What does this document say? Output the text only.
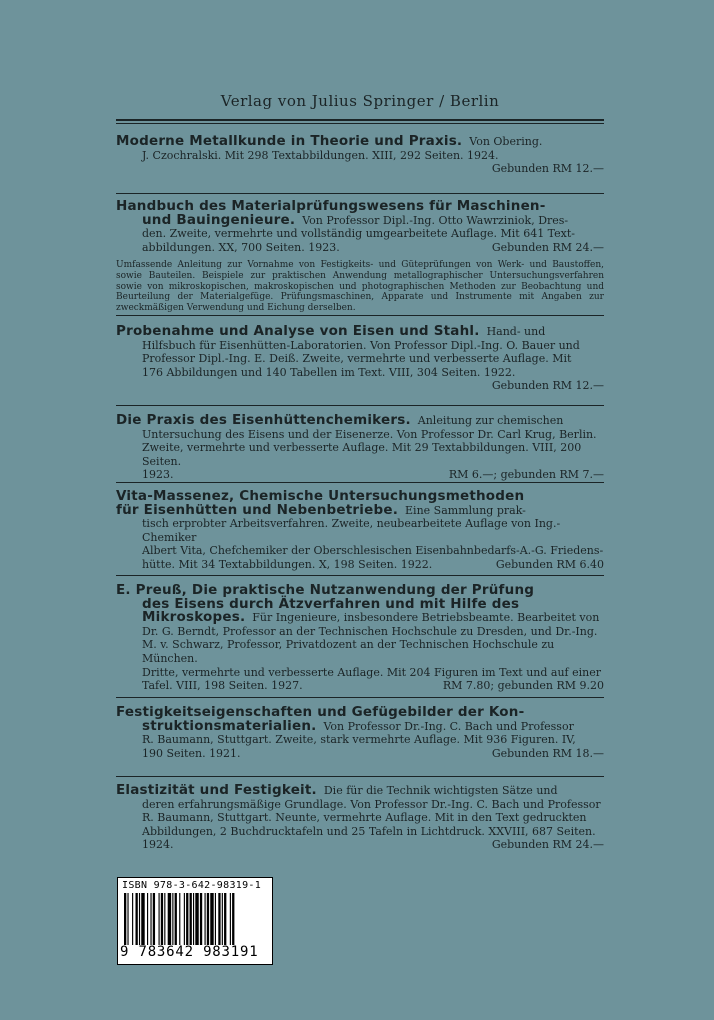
Verlag von Julius Springer / Berlin

Moderne Metallkunde in Theorie und Praxis. Von Obering.

J. Czochralski. Mit 298 Textabbildungen. XIII, 292 Seiten. 1924.

Gebunden RM 12.—

Handbuch des Materialprüfungswesens für Maschinen-

und Bauingenieure. Von Professor Dipl.-Ing. Otto Wawrziniok, Dres-

den. Zweite, vermehrte und vollständig umgearbeitete Auflage. Mit 641 Text-

abbildungen. XX, 700 Seiten. 1923.	Gebunden RM 24.—

Umfassende Anleitung zur Vornahme von Festigkeits- und Güteprüfungen von Werk- und Baustoffen, sowie Bauteilen. Beispiele zur praktischen Anwendung metallographischer Untersuchungsverfahren sowie von mikroskopischen, makroskopischen und photographischen Methoden zur Beobachtung und Beurteilung der Materialgefüge. Prüfungsmaschinen, Apparate und Instrumente mit Angaben zur zweckmäßigen Verwendung und Eichung derselben.

Probenahme und Analyse von Eisen und Stahl. Hand- und

Hilfsbuch für Eisenhütten-Laboratorien. Von Professor Dipl.-Ing. O. Bauer und

Professor Dipl.-Ing. E. Deiß. Zweite, vermehrte und verbesserte Auflage. Mit

176 Abbildungen und 140 Tabellen im Text. VIII, 304 Seiten. 1922.

Gebunden RM 12.—

Die Praxis des Eisenhüttenchemikers. Anleitung zur chemischen

Untersuchung des Eisens und der Eisenerze. Von Professor Dr. Carl Krug, Berlin.

Zweite, vermehrte und verbesserte Auflage. Mit 29 Textabbildungen. VIII, 200 Seiten.

1923.	RM 6.—; gebunden RM 7.—

Vita-Massenez, Chemische Untersuchungsmethoden

für Eisenhütten und Nebenbetriebe. Eine Sammlung prak-

tisch erprobter Arbeitsverfahren. Zweite, neubearbeitete Auflage von Ing.-Chemiker

Albert Vita, Chefchemiker der Oberschlesischen Eisenbahnbedarfs-A.-G. Friedens-

hütte. Mit 34 Textabbildungen. X, 198 Seiten. 1922.	Gebunden RM 6.40

E. Preuß, Die praktische Nutzanwendung der Prüfung

des Eisens durch Ätzverfahren und mit Hilfe des

Mikroskopes. Für Ingenieure, insbesondere Betriebsbeamte. Bearbeitet von

Dr. G. Berndt, Professor an der Technischen Hochschule zu Dresden, und Dr.-Ing.

M. v. Schwarz, Professor, Privatdozent an der Technischen Hochschule zu München.

Dritte, vermehrte und verbesserte Auflage. Mit 204 Figuren im Text und auf einer

Tafel. VIII, 198 Seiten. 1927.	RM 7.80; gebunden RM 9.20

Festigkeitseigenschaften und Gefügebilder der Kon-

struktionsmaterialien. Von Professor Dr.-Ing. C. Bach und Professor

R. Baumann, Stuttgart. Zweite, stark vermehrte Auflage. Mit 936 Figuren. IV,

190 Seiten. 1921.	Gebunden RM 18.—

Elastizität und Festigkeit. Die für die Technik wichtigsten Sätze und

deren erfahrungsmäßige Grundlage. Von Professor Dr.-Ing. C. Bach und Professor

R. Baumann, Stuttgart. Neunte, vermehrte Auflage. Mit in den Text gedruckten

Abbildungen, 2 Buchdrucktafeln und 25 Tafeln in Lichtdruck. XXVIII, 687 Seiten.

1924.	Gebunden RM 24.—

ISBN 978-3-642-98319-1
9 783642 983191
